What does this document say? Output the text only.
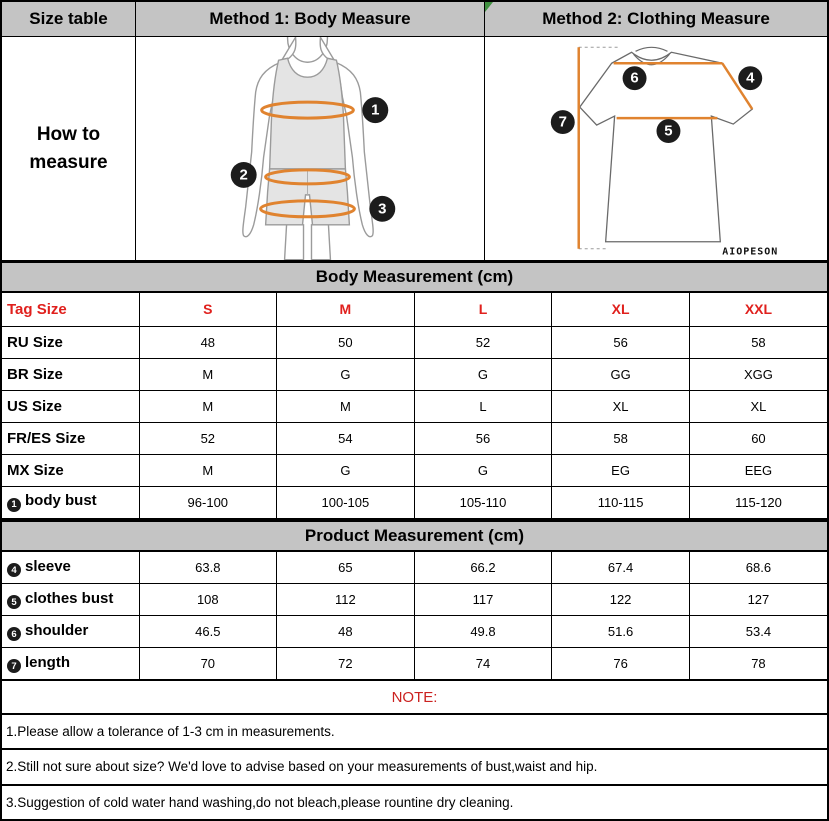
Size table	Method 1: Body Measure	Method 2: Clothing Measure
How to
measure
1
2
3
4
5
6
7
AIOPESON
Body Measurement (cm)
Tag Size	S	M	L	XL	XXL
RU Size	48	50	52	56	58
BR Size	M	G	G	GG	XGG
US Size	M	M	L	XL	XL
FR/ES Size	52	54	56	58	60
MX Size	M	G	G	EG	EEG
1 body bust	96-100	100-105	105-110	110-115	115-120
Product Measurement (cm)
4 sleeve	63.8	65	66.2	67.4	68.6
5 clothes bust	108	112	117	122	127
6 shoulder	46.5	48	49.8	51.6	53.4
7 length	70	72	74	76	78
NOTE:
1.Please allow a tolerance of 1-3 cm in measurements.
2.Still not sure about size? We'd love to advise based on your measurements of bust,waist and hip.
3.Suggestion of cold water hand washing,do not bleach,please rountine dry cleaning.
